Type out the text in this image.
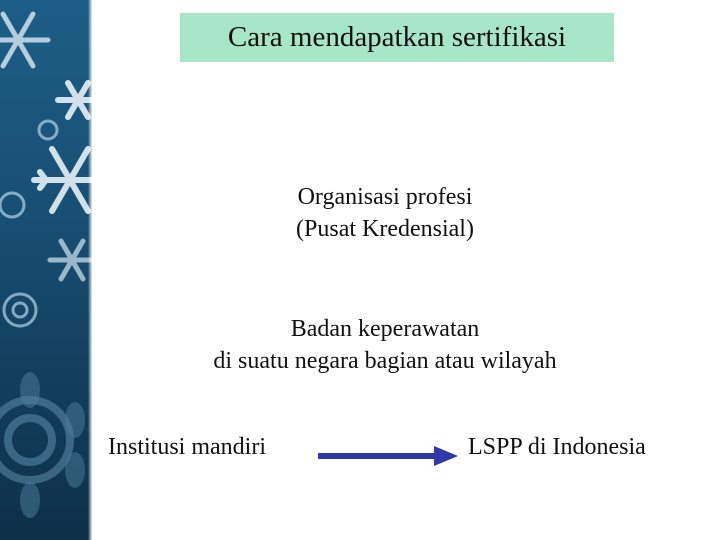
Cara mendapatkan sertifikasi
Organisasi profesi
(Pusat Kredensial)
Badan keperawatan
di suatu negara bagian atau wilayah
Institusi mandiri	LSPP di Indonesia
